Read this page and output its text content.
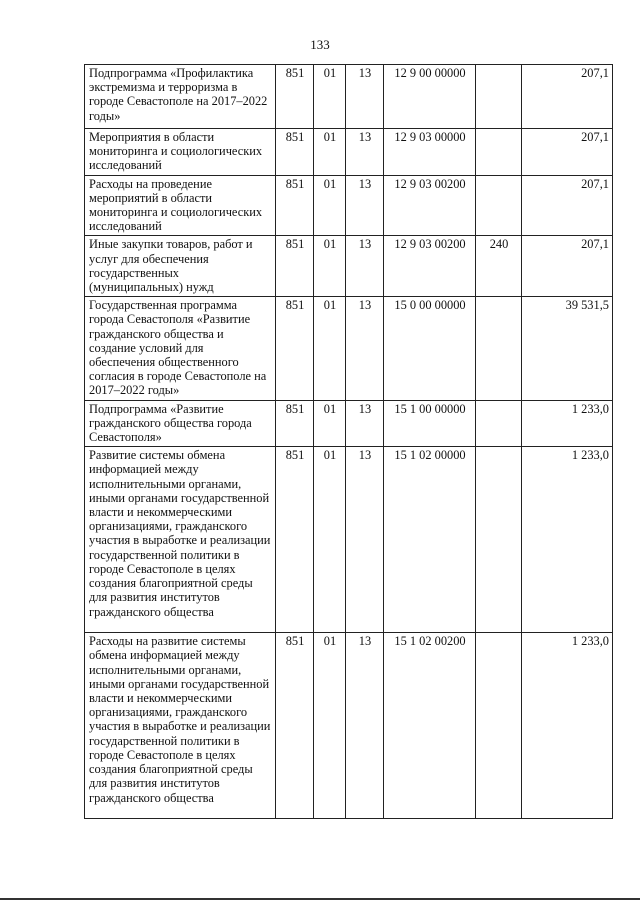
133
Подпрограмма «Профилактика экстремизма и терроризма в городе Севастополе на 2017–2022 годы»	851	01	13	12 9 00 00000		207,1
Мероприятия в области мониторинга и социологических исследований	851	01	13	12 9 03 00000		207,1
Расходы на проведение мероприятий в области мониторинга и социологических исследований	851	01	13	12 9 03 00200		207,1
Иные закупки товаров, работ и услуг для обеспечения государственных (муниципальных) нужд	851	01	13	12 9 03 00200	240	207,1
Государственная программа города Севастополя «Развитие гражданского общества и создание условий для обеспечения общественного согласия в городе Севастополе на 2017–2022 годы»	851	01	13	15 0 00 00000		39 531,5
Подпрограмма «Развитие гражданского общества города Севастополя»	851	01	13	15 1 00 00000		1 233,0
Развитие системы обмена информацией между исполнительными органами, иными органами государственной власти и некоммерческими организациями, гражданского участия в выработке и реализации государственной политики в городе Севастополе в целях создания благоприятной среды для развития институтов гражданского общества	851	01	13	15 1 02 00000		1 233,0
Расходы на развитие системы обмена информацией между исполнительными органами, иными органами государственной власти и некоммерческими организациями, гражданского участия в выработке и реализации государственной политики в городе Севастополе в целях создания благоприятной среды для развития институтов гражданского общества	851	01	13	15 1 02 00200		1 233,0
